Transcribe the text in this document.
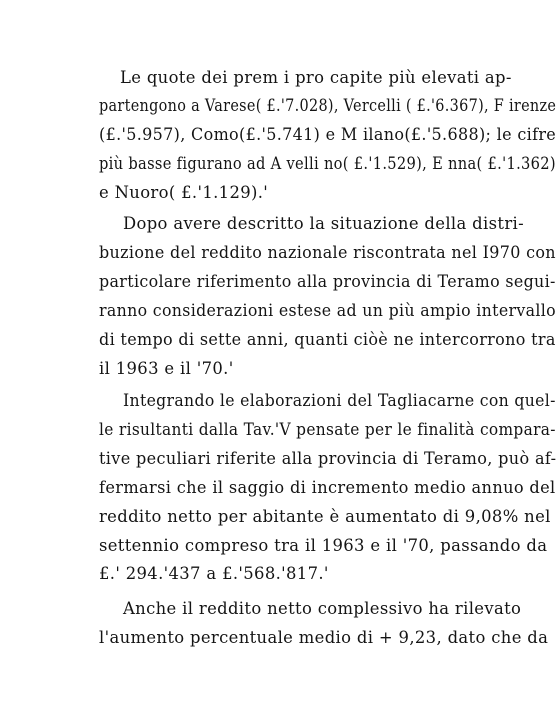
Le quote dei prem i pro capite più elevati ap-
partengono a Varese( £.'7.028), Vercelli ( £.'6.367), F irenze
(£.'5.957), Como(£.'5.741) e M ilano(£.'5.688); le cifre
più basse figurano ad A velli no( £.'1.529), E nna( £.'1.362)
e Nuoro( £.'1.129).'
Dopo avere descritto la situazione della distri-
buzione del reddito nazionale riscontrata nel I970 con
particolare riferimento alla provincia di Teramo segui-
ranno considerazioni estese ad un più ampio intervallo
di tempo di sette anni, quanti ciòè ne intercorrono tra
il 1963 e il '70.'
Integrando le elaborazioni del Tagliacarne con quel-
le risultanti dalla Tav.'V pensate per le finalità compara-
tive peculiari riferite alla provincia di Teramo, può af-
fermarsi che il saggio di incremento medio annuo del
reddito netto per abitante è aumentato di 9,08% nel
settennio compreso tra il 1963 e il '70, passando da
£.' 294.'437 a £.'568.'817.'
Anche il reddito netto complessivo ha rilevato
l'aumento percentuale medio di + 9,23, dato che da
